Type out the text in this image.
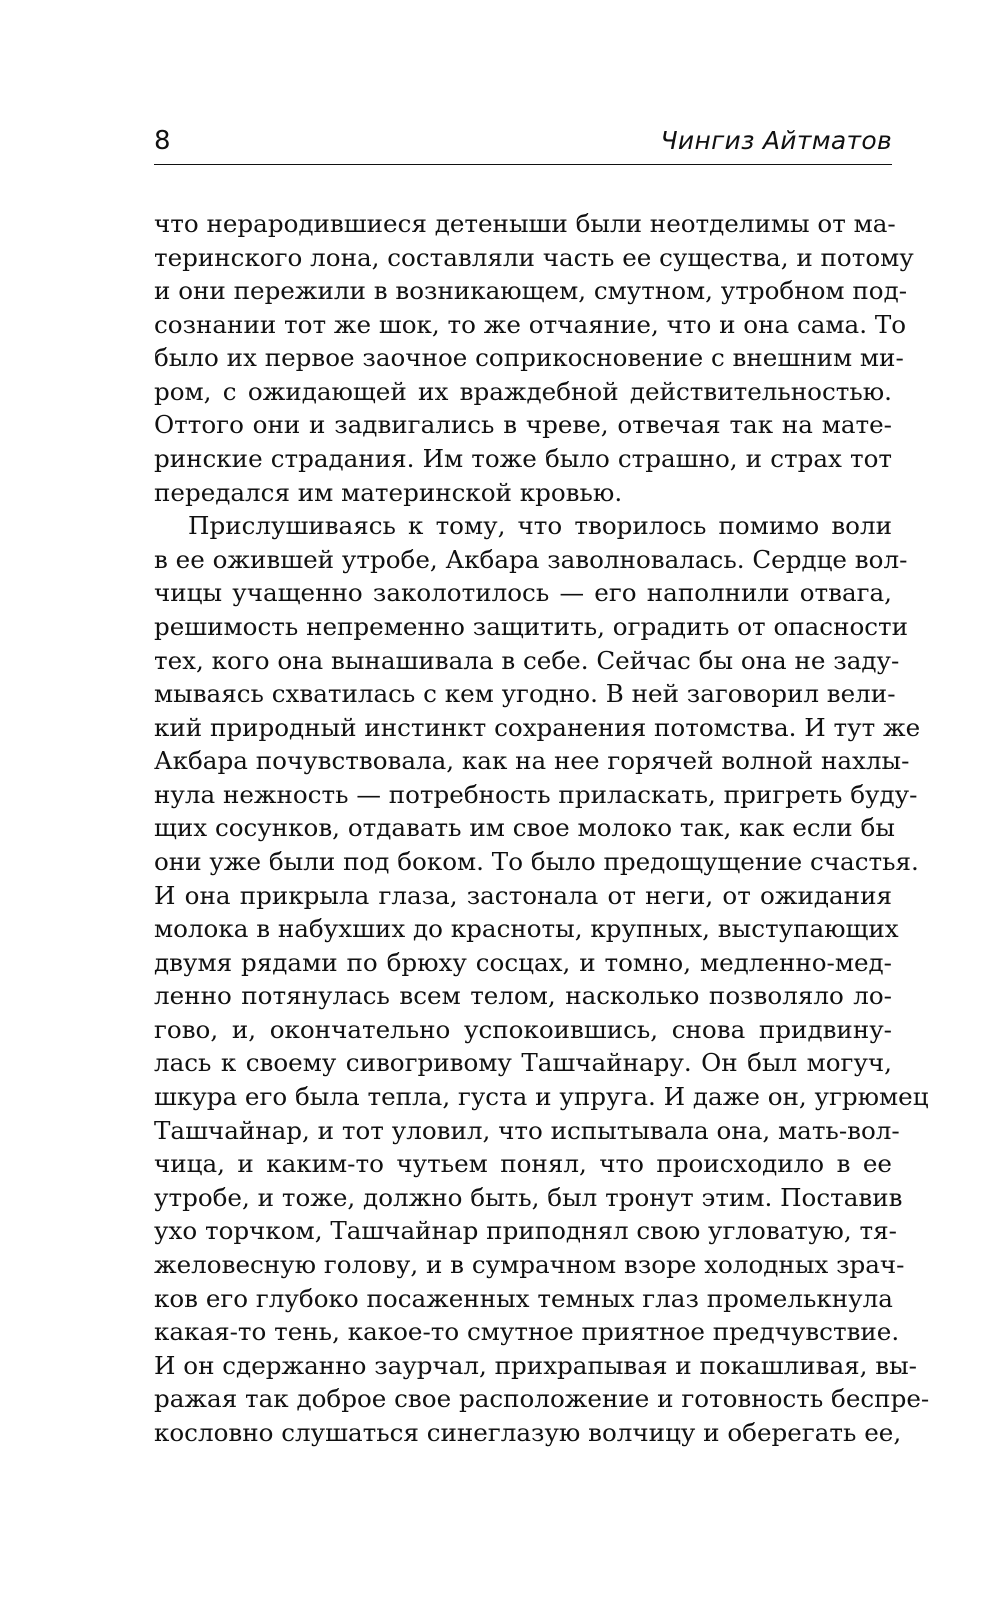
8	Чингиз Айтматов
что нерародившиеся детеныши были неотделимы от ма-
теринского лона, составляли часть ее существа, и потому
и они пережили в возникающем, смутном, утробном под-
сознании тот же шок, то же отчаяние, что и она сама. То
было их первое заочное соприкосновение с внешним ми-
ром, с ожидающей их враждебной действительностью.
Оттого они и задвигались в чреве, отвечая так на мате-
ринские страдания. Им тоже было страшно, и страх тот
передался им материнской кровью.
Прислушиваясь к тому, что творилось помимо воли
в ее ожившей утробе, Акбара заволновалась. Сердце вол-
чицы учащенно заколотилось — его наполнили отвага,
решимость непременно защитить, оградить от опасности
тех, кого она вынашивала в себе. Сейчас бы она не заду-
мываясь схватилась с кем угодно. В ней заговорил вели-
кий природный инстинкт сохранения потомства. И тут же
Акбара почувствовала, как на нее горячей волной нахлы-
нула нежность — потребность приласкать, пригреть буду-
щих сосунков, отдавать им свое молоко так, как если бы
они уже были под боком. То было предощущение счастья.
И она прикрыла глаза, застонала от неги, от ожидания
молока в набухших до красноты, крупных, выступающих
двумя рядами по брюху сосцах, и томно, медленно-мед-
ленно потянулась всем телом, насколько позволяло ло-
гово, и, окончательно успокоившись, снова придвину-
лась к своему сивогривому Ташчайнару. Он был могуч,
шкура его была тепла, густа и упруга. И даже он, угрюмец
Ташчайнар, и тот уловил, что испытывала она, мать-вол-
чица, и каким-то чутьем понял, что происходило в ее
утробе, и тоже, должно быть, был тронут этим. Поставив
ухо торчком, Ташчайнар приподнял свою угловатую, тя-
желовесную голову, и в сумрачном взоре холодных зрач-
ков его глубоко посаженных темных глаз промелькнула
какая-то тень, какое-то смутное приятное предчувствие.
И он сдержанно заурчал, прихрапывая и покашливая, вы-
ражая так доброе свое расположение и готовность беспре-
кословно слушаться синеглазую волчицу и оберегать ее,
